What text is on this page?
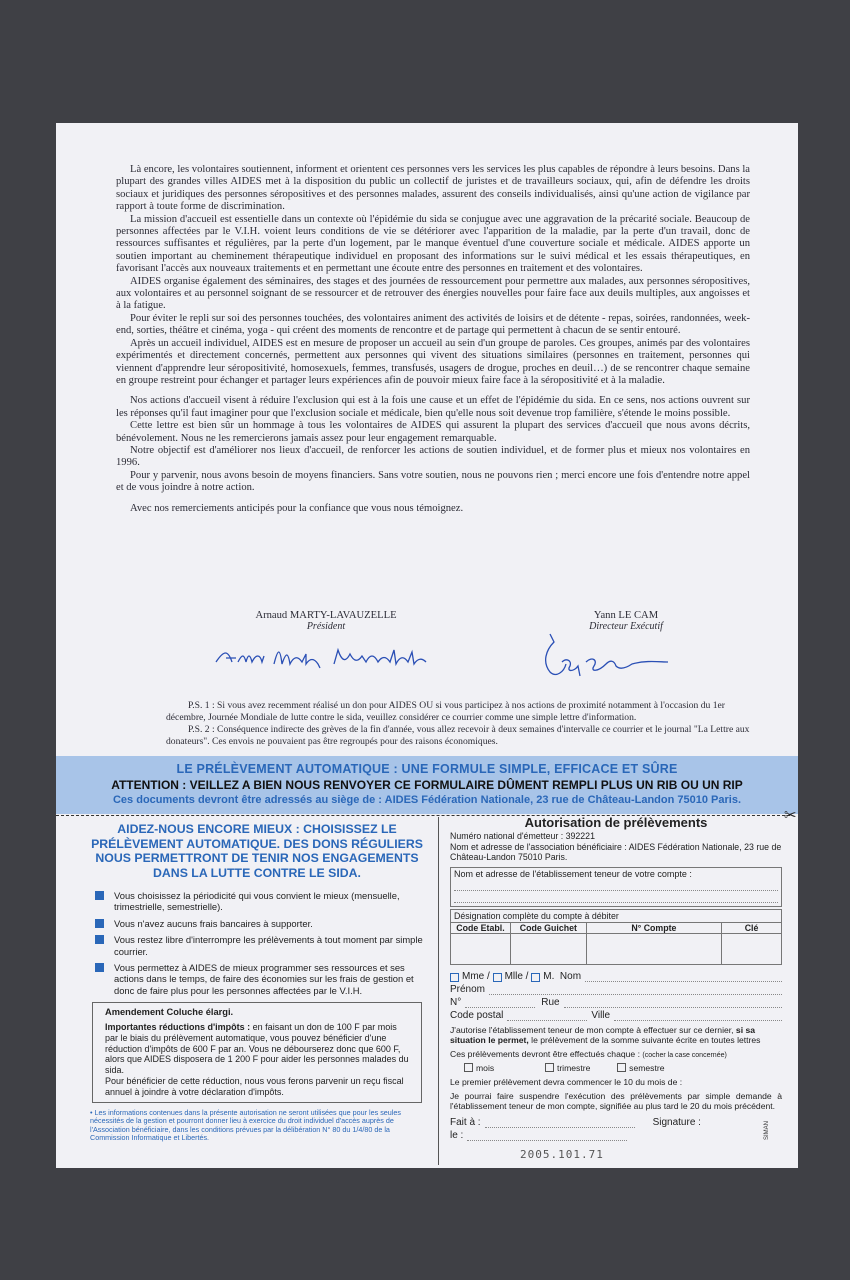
Là encore, les volontaires soutiennent, informent et orientent ces personnes vers les services les plus capables de répondre à leurs besoins. Dans la plupart des grandes villes AIDES met à la disposition du public un collectif de juristes et de travailleurs sociaux, qui, afin de défendre les droits sociaux et juridiques des personnes séropositives et des personnes malades, assurent des conseils individualisés, ainsi qu'une action de vigilance par rapport à toute forme de discrimination.

La mission d'accueil est essentielle dans un contexte où l'épidémie du sida se conjugue avec une aggravation de la précarité sociale. Beaucoup de personnes affectées par le V.I.H. voient leurs conditions de vie se détériorer avec l'apparition de la maladie, par la perte d'un travail, donc de ressources suffisantes et régulières, par la perte d'un logement, par le manque éventuel d'une couverture sociale et médicale. AIDES apporte un soutien important au cheminement thérapeutique individuel en proposant des informations sur le suivi médical et les essais thérapeutiques, en favorisant l'accès aux nouveaux traitements et en permettant une écoute entre des personnes en traitement et des volontaires.

AIDES organise également des séminaires, des stages et des journées de ressourcement pour permettre aux malades, aux personnes séropositives, aux volontaires et au personnel soignant de se ressourcer et de retrouver des énergies nouvelles pour faire face aux deuils multiples, aux angoisses et à la fatigue.

Pour éviter le repli sur soi des personnes touchées, des volontaires animent des activités de loisirs et de détente - repas, soirées, randonnées, week-end, sorties, théâtre et cinéma, yoga - qui créent des moments de rencontre et de partage qui permettent à chacun de se sentir entouré.

Après un accueil individuel, AIDES est en mesure de proposer un accueil au sein d'un groupe de paroles. Ces groupes, animés par des volontaires expérimentés et directement concernés, permettent aux personnes qui vivent des situations similaires (personnes en traitement, personnes qui viennent d'apprendre leur séropositivité, homosexuels, femmes, transfusés, usagers de drogue, proches en deuil…) de se rencontrer chaque semaine en groupe restreint pour échanger et partager leurs expériences afin de pouvoir mieux faire face à la séropositivité et à la maladie.

Nos actions d'accueil visent à réduire l'exclusion qui est à la fois une cause et un effet de l'épidémie du sida. En ce sens, nos actions ouvrent sur les réponses qu'il faut imaginer pour que l'exclusion sociale et médicale, bien qu'elle nous soit devenue trop familière, s'étende le moins possible.

Cette lettre est bien sûr un hommage à tous les volontaires de AIDES qui assurent la plupart des services d'accueil que nous avons décrits, bénévolement. Nous ne les remercierons jamais assez pour leur engagement remarquable.

Notre objectif est d'améliorer nos lieux d'accueil, de renforcer les actions de soutien individuel, et de former plus et mieux nos volontaires en 1996.

Pour y parvenir, nous avons besoin de moyens financiers. Sans votre soutien, nous ne pouvons rien ; merci encore une fois d'entendre notre appel et de vous joindre à notre action.

Avec nos remerciements anticipés pour la confiance que vous nous témoignez.

Arnaud MARTY-LAVAUZELLE
Président
Yann LE CAM
Directeur Exécutif

P.S. 1 : Si vous avez recemment réalisé un don pour AIDES OU si vous participez à nos actions de proximité notamment à l'occasion du 1er décembre, Journée Mondiale de lutte contre le sida, veuillez considérer ce courrier comme une simple lettre d'information.

P.S. 2 : Conséquence indirecte des grèves de la fin d'année, vous allez recevoir à deux semaines d'intervalle ce courrier et le journal "La Lettre aux donateurs". Ces envois ne pouvaient pas être regroupés pour des raisons économiques.

LE PRÉLÈVEMENT AUTOMATIQUE : UNE FORMULE SIMPLE, EFFICACE ET SÛRE
ATTENTION : VEILLEZ A BIEN NOUS RENVOYER CE FORMULAIRE DÛMENT REMPLI PLUS UN RIB OU UN RIP
Ces documents devront être adressés au siège de : AIDES Fédération Nationale, 23 rue de Château-Landon 75010 Paris.
✂
AIDEZ-NOUS ENCORE MIEUX : CHOISISSEZ LE PRÉLÈVEMENT AUTOMATIQUE. DES DONS RÉGULIERS NOUS PERMETTRONT DE TENIR NOS ENGAGEMENTS DANS LA LUTTE CONTRE LE SIDA.
Vous choisissez la périodicité qui vous convient le mieux (mensuelle, trimestrielle, semestrielle).
Vous n'avez aucuns frais bancaires à supporter.
Vous restez libre d'interrompre les prélèvements à tout moment par simple courrier.
Vous permettez à AIDES de mieux programmer ses ressources et ses actions dans le temps, de faire des économies sur les frais de gestion et donc de faire plus pour les personnes affectées par le V.I.H.
Amendement Coluche élargi.
Importantes réductions d'impôts : en faisant un don de 100 F par mois par le biais du prélèvement automatique, vous pouvez bénéficier d'une réduction d'impôts de 600 F par an. Vous ne débourserez donc que 600 F, alors que AIDES disposera de 1 200 F pour aider les personnes malades du sida.
Pour bénéficier de cette réduction, nous vous ferons parvenir un reçu fiscal annuel à joindre à votre déclaration d'impôts.
• Les informations contenues dans la présente autorisation ne seront utilisées que pour les seules nécessités de la gestion et pourront donner lieu à exercice du droit individuel d'accès auprès de l'Association bénéficiaire, dans les conditions prévues par la délibération N° 80 du 1/4/80 de la Commission Informatique et Libertés.
Autorisation de prélèvements
Numéro national d'émetteur : 392221
Nom et adresse de l'association bénéficiaire : AIDES Fédération Nationale, 23 rue de Château-Landon 75010 Paris.
Nom et adresse de l'établissement teneur de votre compte :
Désignation complète du compte à débiter
Code Etabl.	Code Guichet	N° Compte	Clé

Mme /
Mlle /
M.
Nom
Prénom
N°	Rue
Code postal	Ville
J'autorise l'établissement teneur de mon compte à effectuer sur ce dernier, si sa situation le permet, le prélèvement de la somme suivante écrite en toutes lettres
Ces prélèvements devront être effectués chaque : (cocher la case concernée)
mois	trimestre	semestre
Le premier prélèvement devra commencer le 10 du mois de :
Je pourrai faire suspendre l'exécution des prélèvements par simple demande à l'établissement teneur de mon compte, signifiée au plus tard le 20 du mois précédent.
Fait à :	Signature :
le :
2005.101.71
SIMAN
